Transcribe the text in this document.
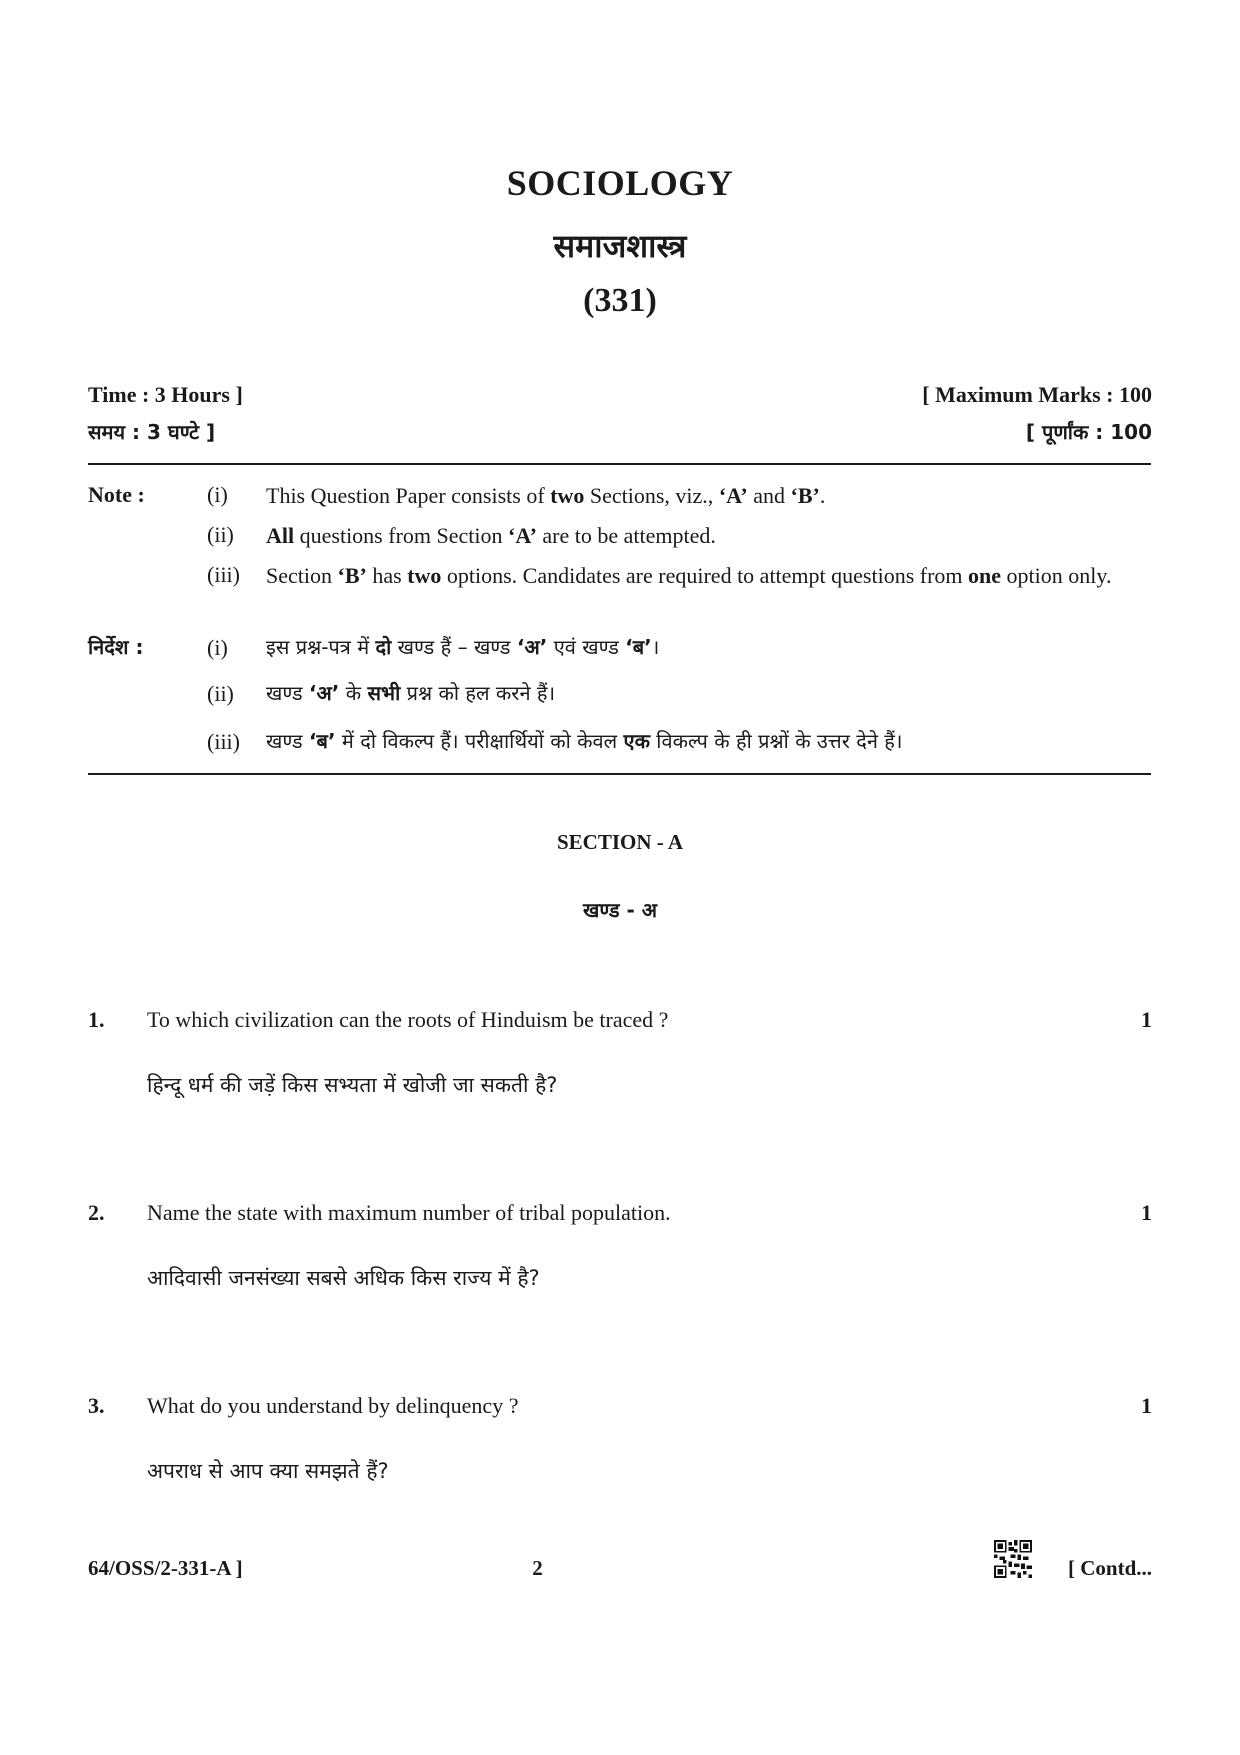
SOCIOLOGY
समाजशास्त्र
(331)
Time : 3 Hours ]	[ Maximum Marks : 100
समय : 3 घण्टे ]	[ पूर्णांक : 100
Note :	(i) This Question Paper consists of two Sections, viz., ‘A’ and ‘B’.
(ii) All questions from Section ‘A’ are to be attempted.
(iii) Section ‘B’ has two options. Candidates are required to attempt questions from one option only.
निर्देश :	(i) इस प्रश्न-पत्र में दो खण्ड हैं – खण्ड ‘अ’ एवं खण्ड ‘ब’।
(ii) खण्ड ‘अ’ के सभी प्रश्न को हल करने हैं।
(iii) खण्ड ‘ब’ में दो विकल्प हैं। परीक्षार्थियों को केवल एक विकल्प के ही प्रश्नों के उत्तर देने हैं।
SECTION - A
खण्ड - अ
1. To which civilization can the roots of Hinduism be traced ?	1
हिन्दू धर्म की जड़ें किस सभ्यता में खोजी जा सकती है?
2. Name the state with maximum number of tribal population.	1
आदिवासी जनसंख्या सबसे अधिक किस राज्य में है?
3. What do you understand by delinquency ?	1
अपराध से आप क्या समझते हैं?
64/OSS/2-331-A ]	2	[ Contd...
